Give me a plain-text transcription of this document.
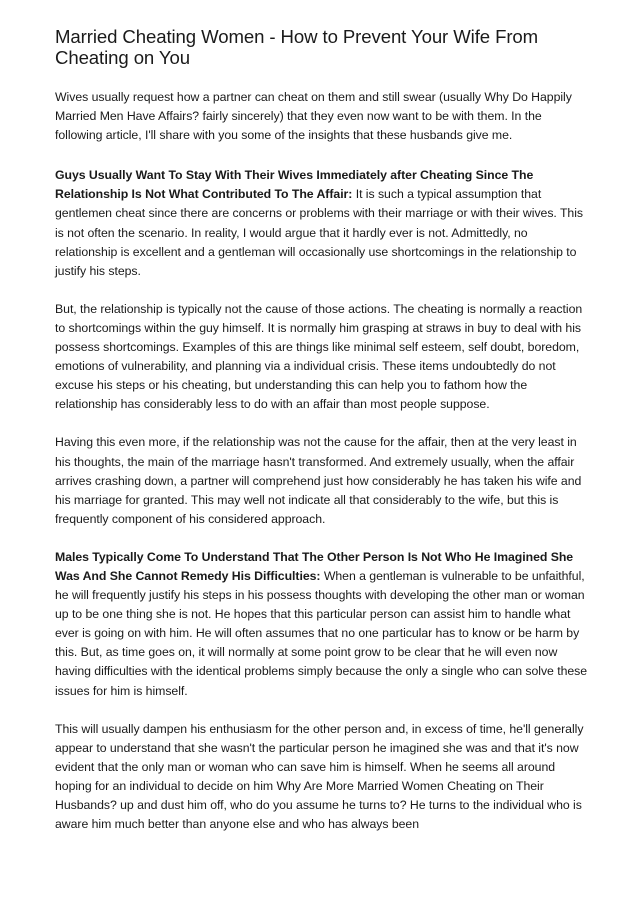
Married Cheating Women - How to Prevent Your Wife From Cheating on You

Wives usually request how a partner can cheat on them and still swear (usually Why Do Happily Married Men Have Affairs? fairly sincerely) that they even now want to be with them. In the following article, I'll share with you some of the insights that these husbands give me.

Guys Usually Want To Stay With Their Wives Immediately after Cheating Since The Relationship Is Not What Contributed To The Affair: It is such a typical assumption that gentlemen cheat since there are concerns or problems with their marriage or with their wives. This is not often the scenario. In reality, I would argue that it hardly ever is not. Admittedly, no relationship is excellent and a gentleman will occasionally use shortcomings in the relationship to justify his steps.

But, the relationship is typically not the cause of those actions. The cheating is normally a reaction to shortcomings within the guy himself. It is normally him grasping at straws in buy to deal with his possess shortcomings. Examples of this are things like minimal self esteem, self doubt, boredom, emotions of vulnerability, and planning via a individual crisis. These items undoubtedly do not excuse his steps or his cheating, but understanding this can help you to fathom how the relationship has considerably less to do with an affair than most people suppose.

Having this even more, if the relationship was not the cause for the affair, then at the very least in his thoughts, the main of the marriage hasn't transformed. And extremely usually, when the affair arrives crashing down, a partner will comprehend just how considerably he has taken his wife and his marriage for granted. This may well not indicate all that considerably to the wife, but this is frequently component of his considered approach.

Males Typically Come To Understand That The Other Person Is Not Who He Imagined She Was And She Cannot Remedy His Difficulties: When a gentleman is vulnerable to be unfaithful, he will frequently justify his steps in his possess thoughts with developing the other man or woman up to be one thing she is not. He hopes that this particular person can assist him to handle what ever is going on with him. He will often assumes that no one particular has to know or be harm by this. But, as time goes on, it will normally at some point grow to be clear that he will even now having difficulties with the identical problems simply because the only a single who can solve these issues for him is himself.

This will usually dampen his enthusiasm for the other person and, in excess of time, he'll generally appear to understand that she wasn't the particular person he imagined she was and that it's now evident that the only man or woman who can save him is himself. When he seems all around hoping for an individual to decide on him Why Are More Married Women Cheating on Their Husbands? up and dust him off, who do you assume he turns to? He turns to the individual who is aware him much better than anyone else and who has always been
